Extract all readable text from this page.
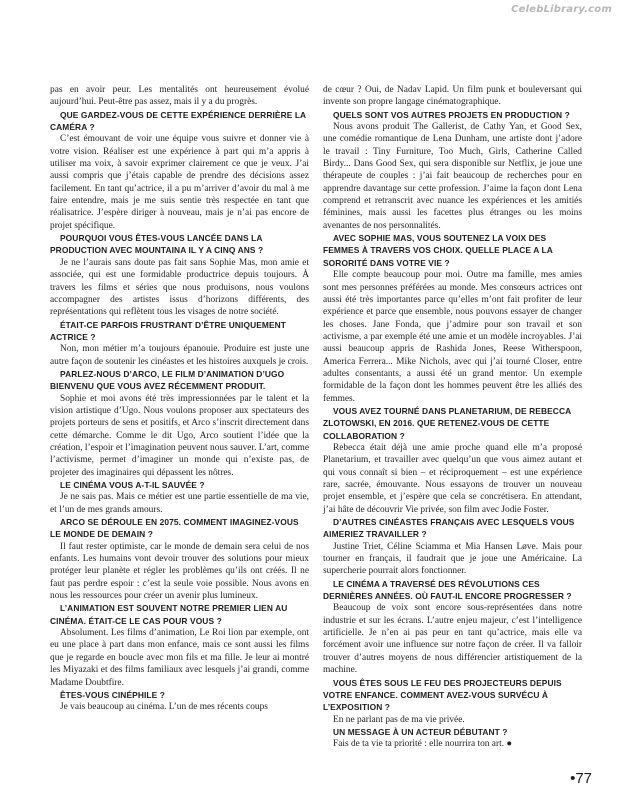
CelebLibrary.com

pas en avoir peur. Les mentalités ont heureusement évolué aujourd’hui. Peut-être pas assez, mais il y a du progrès.

QUE GARDEZ-VOUS DE CETTE EXPÉRIENCE DERRIÈRE LA CAMÉRA ?

C’est émouvant de voir une équipe vous suivre et donner vie à votre vision. Réaliser est une expérience à part qui m’a appris à utiliser ma voix, à savoir exprimer clairement ce que je veux. J’ai aussi compris que j’étais capable de prendre des décisions assez facilement. En tant qu’actrice, il a pu m’arriver d’avoir du mal à me faire entendre, mais je me suis sentie très respectée en tant que réalisatrice. J’espère diriger à nouveau, mais je n’ai pas encore de projet spécifique.

POURQUOI VOUS ÊTES-VOUS LANCÉE DANS LA PRODUCTION AVEC MOUNTAINA IL Y A CINQ ANS ?

Je ne l’aurais sans doute pas fait sans Sophie Mas, mon amie et associée, qui est une formidable productrice depuis toujours. À travers les films et séries que nous produisons, nous voulons accompagner des artistes issus d’horizons différents, des représentations qui reflètent tous les visages de notre société.

ÉTAIT-CE PARFOIS FRUSTRANT D’ÊTRE UNIQUEMENT ACTRICE ?

Non, mon métier m’a toujours épanouie. Produire est juste une autre façon de soutenir les cinéastes et les histoires auxquels je crois.

PARLEZ-NOUS D’ARCO, LE FILM D’ANIMATION D’UGO BIENVENU QUE VOUS AVEZ RÉCEMMENT PRODUIT.

Sophie et moi avons été très impressionnées par le talent et la vision artistique d’Ugo. Nous voulons proposer aux spectateurs des projets porteurs de sens et positifs, et Arco s’inscrit directement dans cette démarche. Comme le dit Ugo, Arco soutient l’idée que la création, l’espoir et l’imagination peuvent nous sauver. L’art, comme l’activisme, permet d’imaginer un monde qui n’existe pas, de projeter des imaginaires qui dépassent les nôtres.

LE CINÉMA VOUS A-T-IL SAUVÉE ?

Je ne sais pas. Mais ce métier est une partie essentielle de ma vie, et l’un de mes grands amours.

ARCO SE DÉROULE EN 2075. COMMENT IMAGINEZ-VOUS LE MONDE DE DEMAIN ?

Il faut rester optimiste, car le monde de demain sera celui de nos enfants. Les humains vont devoir trouver des solutions pour mieux protéger leur planète et régler les problèmes qu’ils ont créés. Il ne faut pas perdre espoir : c’est la seule voie possible. Nous avons en nous les ressources pour créer un avenir plus lumineux.

L’ANIMATION EST SOUVENT NOTRE PREMIER LIEN AU CINÉMA. ÉTAIT-CE LE CAS POUR VOUS ?

Absolument. Les films d’animation, Le Roi lion par exemple, ont eu une place à part dans mon enfance, mais ce sont aussi les films que je regarde en boucle avec mon fils et ma fille. Je leur ai montré les Miyazaki et des films familiaux avec lesquels j’ai grandi, comme Madame Doubtfire.

ÊTES-VOUS CINÉPHILE ?

Je vais beaucoup au cinéma. L’un de mes récents coups

de cœur ? Oui, de Nadav Lapid. Un film punk et bouleversant qui invente son propre langage cinématographique.

QUELS SONT VOS AUTRES PROJETS EN PRODUCTION ?

Nous avons produit The Gallerist, de Cathy Yan, et Good Sex, une comédie romantique de Lena Dunham, une artiste dont j’adore le travail : Tiny Furniture, Too Much, Girls, Catherine Called Birdy... Dans Good Sex, qui sera disponible sur Netflix, je joue une thérapeute de couples : j’ai fait beaucoup de recherches pour en apprendre davantage sur cette profession. J’aime la façon dont Lena comprend et retranscrit avec nuance les expériences et les amitiés féminines, mais aussi les facettes plus étranges ou les moins avenantes de nos personnalités.

AVEC SOPHIE MAS, VOUS SOUTENEZ LA VOIX DES FEMMES À TRAVERS VOS CHOIX. QUELLE PLACE A LA SORORITÉ DANS VOTRE VIE ?

Elle compte beaucoup pour moi. Outre ma famille, mes amies sont mes personnes préférées au monde. Mes consœurs actrices ont aussi été très importantes parce qu’elles m’ont fait profiter de leur expérience et parce que ensemble, nous pouvons essayer de changer les choses. Jane Fonda, que j’admire pour son travail et son activisme, a par exemple été une amie et un modèle incroyables. J’ai aussi beaucoup appris de Rashida Jones, Reese Witherspoon, America Ferrera... Mike Nichols, avec qui j’ai tourné Closer, entre adultes consentants, a aussi été un grand mentor. Un exemple formidable de la façon dont les hommes peuvent être les alliés des femmes.

VOUS AVEZ TOURNÉ DANS PLANETARIUM, DE REBECCA ZLOTOWSKI, EN 2016. QUE RETENEZ-VOUS DE CETTE COLLABORATION ?

Rebecca était déjà une amie proche quand elle m’a proposé Planetarium, et travailler avec quelqu’un que vous aimez autant et qui vous connaît si bien – et réciproquement – est une expérience rare, sacrée, émouvante. Nous essayons de trouver un nouveau projet ensemble, et j’espère que cela se concrétisera. En attendant, j’ai hâte de découvrir Vie privée, son film avec Jodie Foster.

D’AUTRES CINÉASTES FRANÇAIS AVEC LESQUELS VOUS AIMERIEZ TRAVAILLER ?

Justine Triet, Céline Sciamma et Mia Hansen Løve. Mais pour tourner en français, il faudrait que je joue une Américaine. La supercherie pourrait alors fonctionner.

LE CINÉMA A TRAVERSÉ DES RÉVOLUTIONS CES DERNIÈRES ANNÉES. OÙ FAUT-IL ENCORE PROGRESSER ?

Beaucoup de voix sont encore sous-représentées dans notre industrie et sur les écrans. L’autre enjeu majeur, c’est l’intelligence artificielle. Je n’en ai pas peur en tant qu’actrice, mais elle va forcément avoir une influence sur notre façon de créer. Il va falloir trouver d’autres moyens de nous différencier artistiquement de la machine.

VOUS ÊTES SOUS LE FEU DES PROJECTEURS DEPUIS VOTRE ENFANCE. COMMENT AVEZ-VOUS SURVÉCU À L’EXPOSITION ?

En ne parlant pas de ma vie privée.

UN MESSAGE À UN ACTEUR DÉBUTANT ?

Fais de ta vie ta priorité : elle nourrira ton art. ●

•77
